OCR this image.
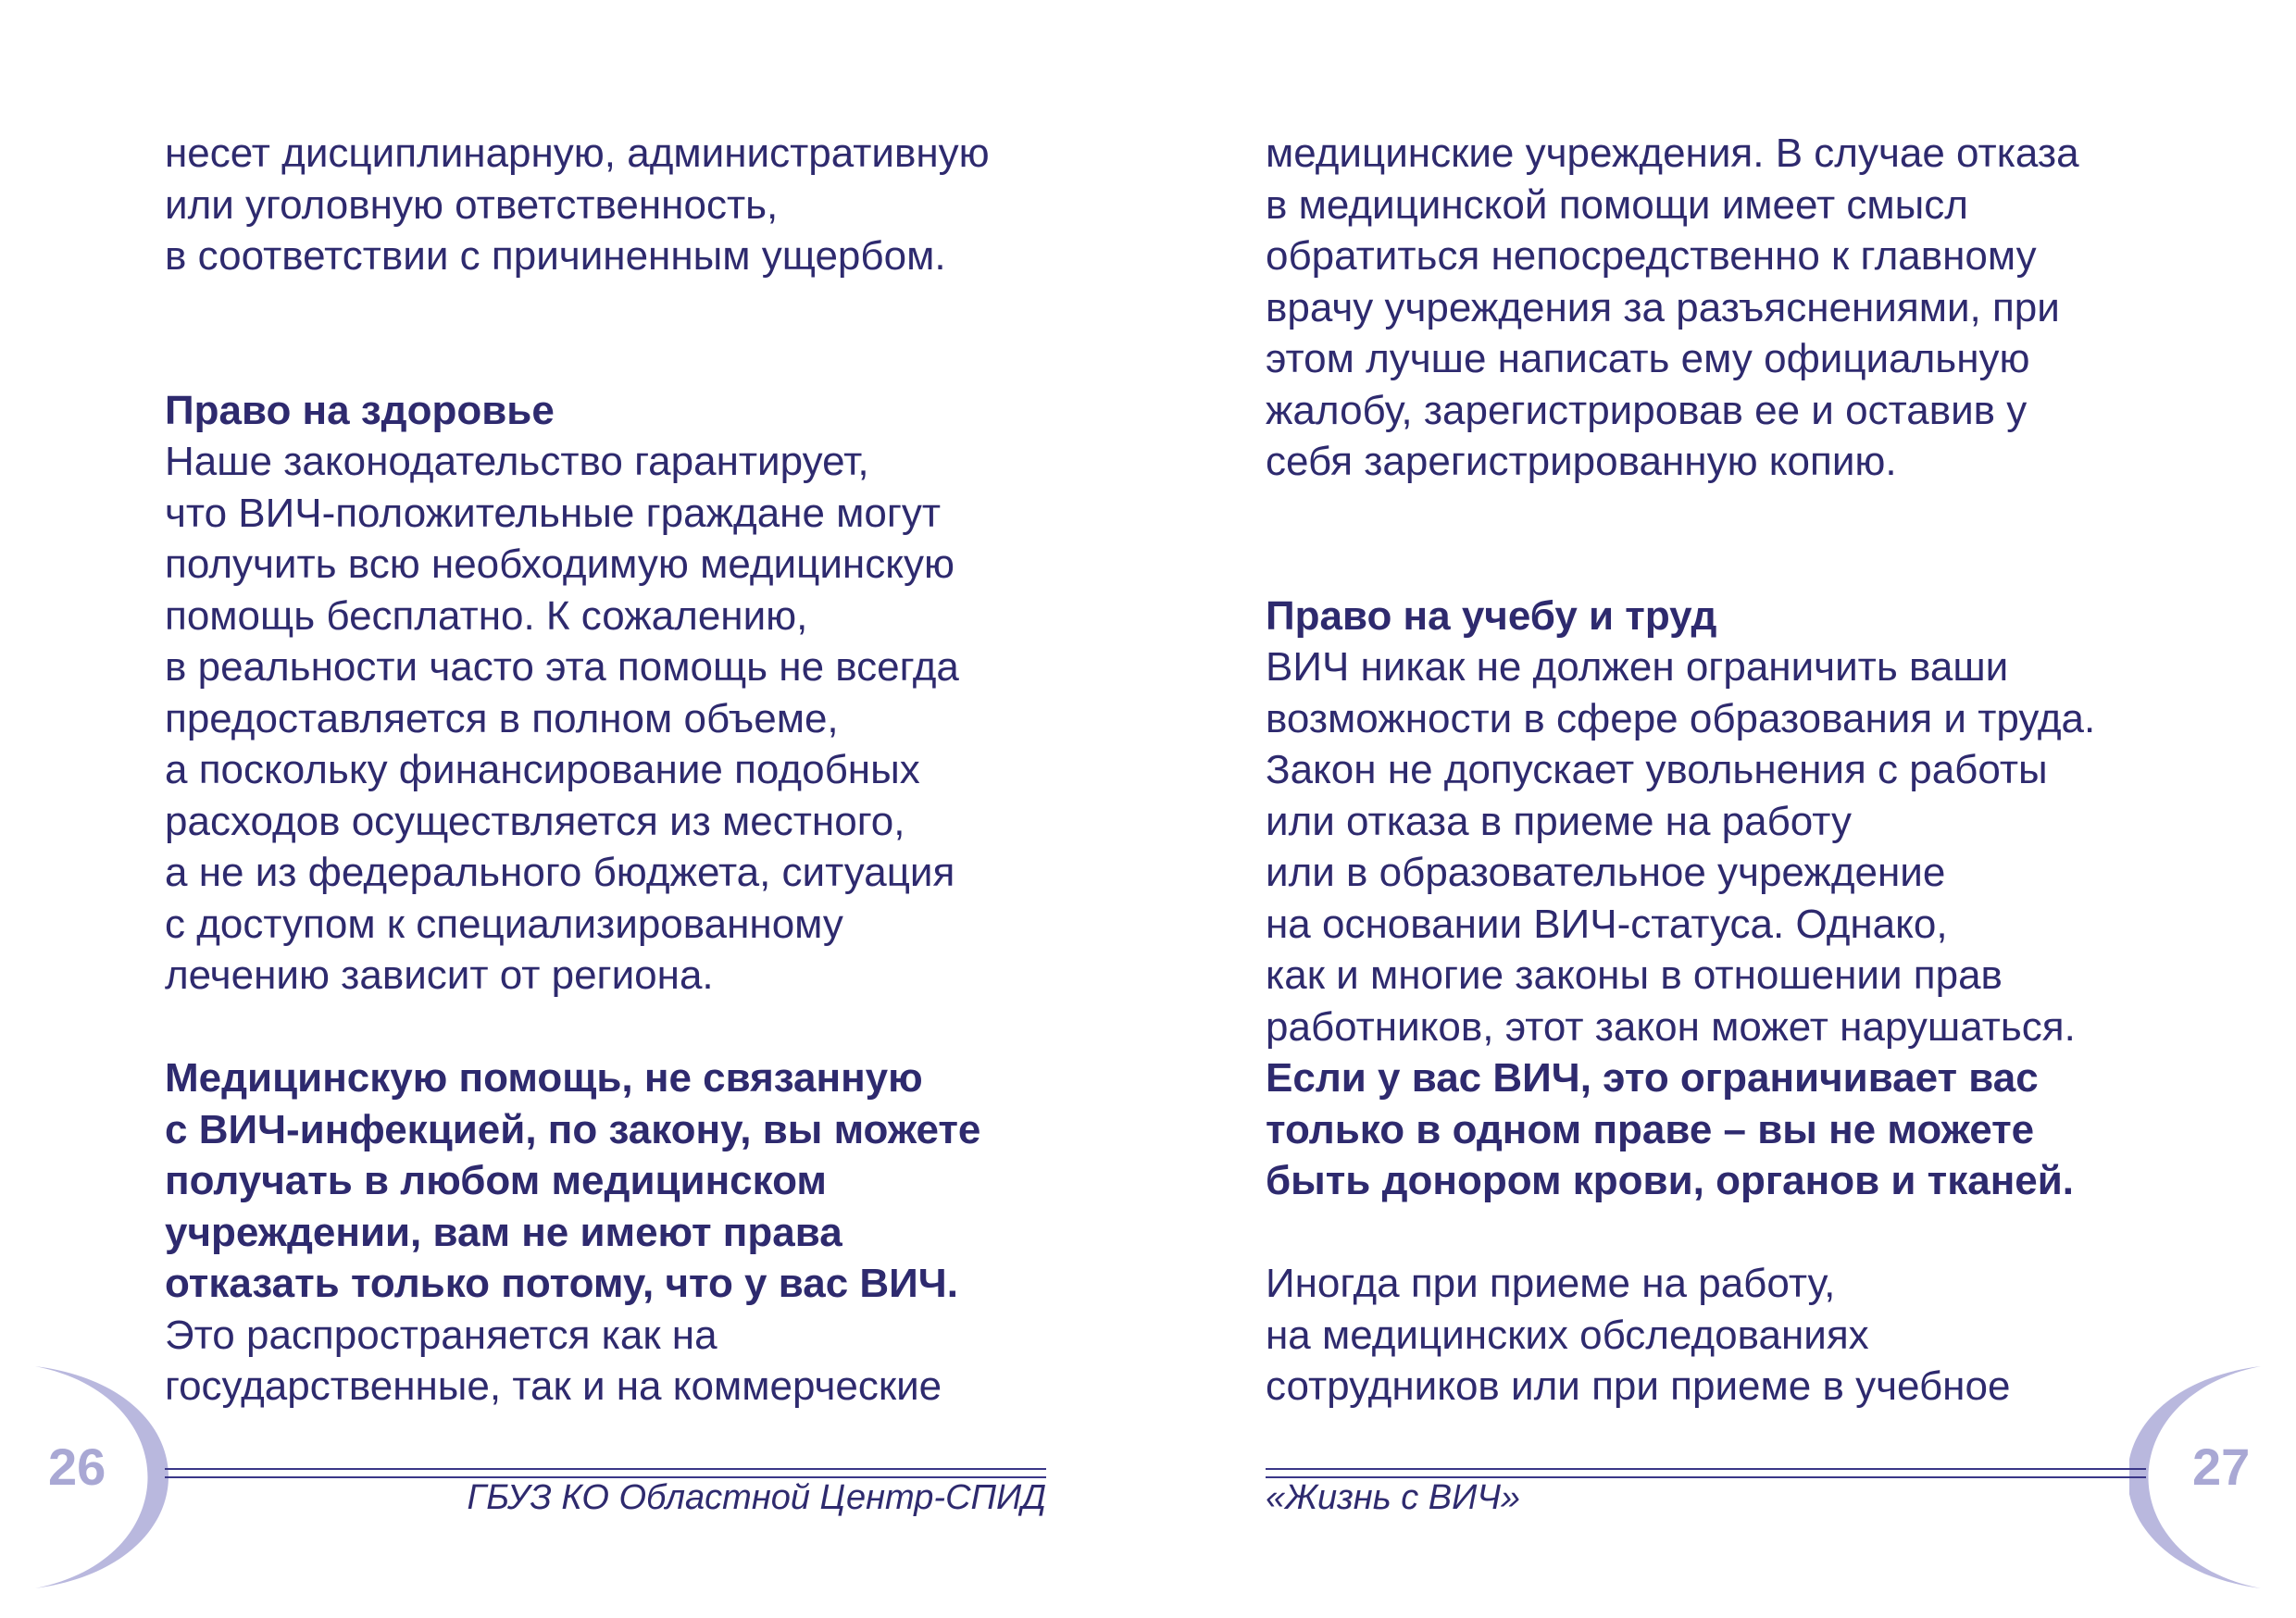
несет дисциплинарную, административную
или уголовную ответственность,
в соответствии с причиненным ущербом.
Право на здоровье
Наше законодательство гарантирует,
что ВИЧ-положительные граждане могут
получить всю необходимую медицинскую
помощь бесплатно. К сожалению,
в реальности часто эта помощь не всегда
предоставляется в полном объеме,
а поскольку финансирование подобных
расходов осуществляется из местного,
а не из федерального бюджета, ситуация
с доступом к специализированному
лечению зависит от региона.
Медицинскую помощь, не связанную
с ВИЧ-инфекцией, по закону, вы можете
получать в любом медицинском
учреждении, вам не имеют права
отказать только потому, что у вас ВИЧ.
Это распространяется как на
государственные, так и на коммерческие
медицинские учреждения. В случае отказа
в медицинской помощи имеет смысл
обратиться непосредственно к главному
врачу учреждения за разъяснениями, при
этом лучше написать ему официальную
жалобу, зарегистрировав ее и оставив у
себя зарегистрированную копию.
Право на учебу и труд
ВИЧ никак не должен ограничить ваши
возможности в сфере образования и труда.
Закон не допускает увольнения с работы
или отказа в приеме на работу
или в образовательное учреждение
на основании ВИЧ-статуса. Однако,
как и многие законы в отношении прав
работников, этот закон может нарушаться.
Если у вас ВИЧ, это ограничивает вас
только в одном праве – вы не можете
быть донором крови, органов и тканей.
Иногда при приеме на работу,
на медицинских обследованиях
сотрудников или при приеме в учебное
26	27
ГБУЗ КО Областной Центр-СПИД	«Жизнь с ВИЧ»
